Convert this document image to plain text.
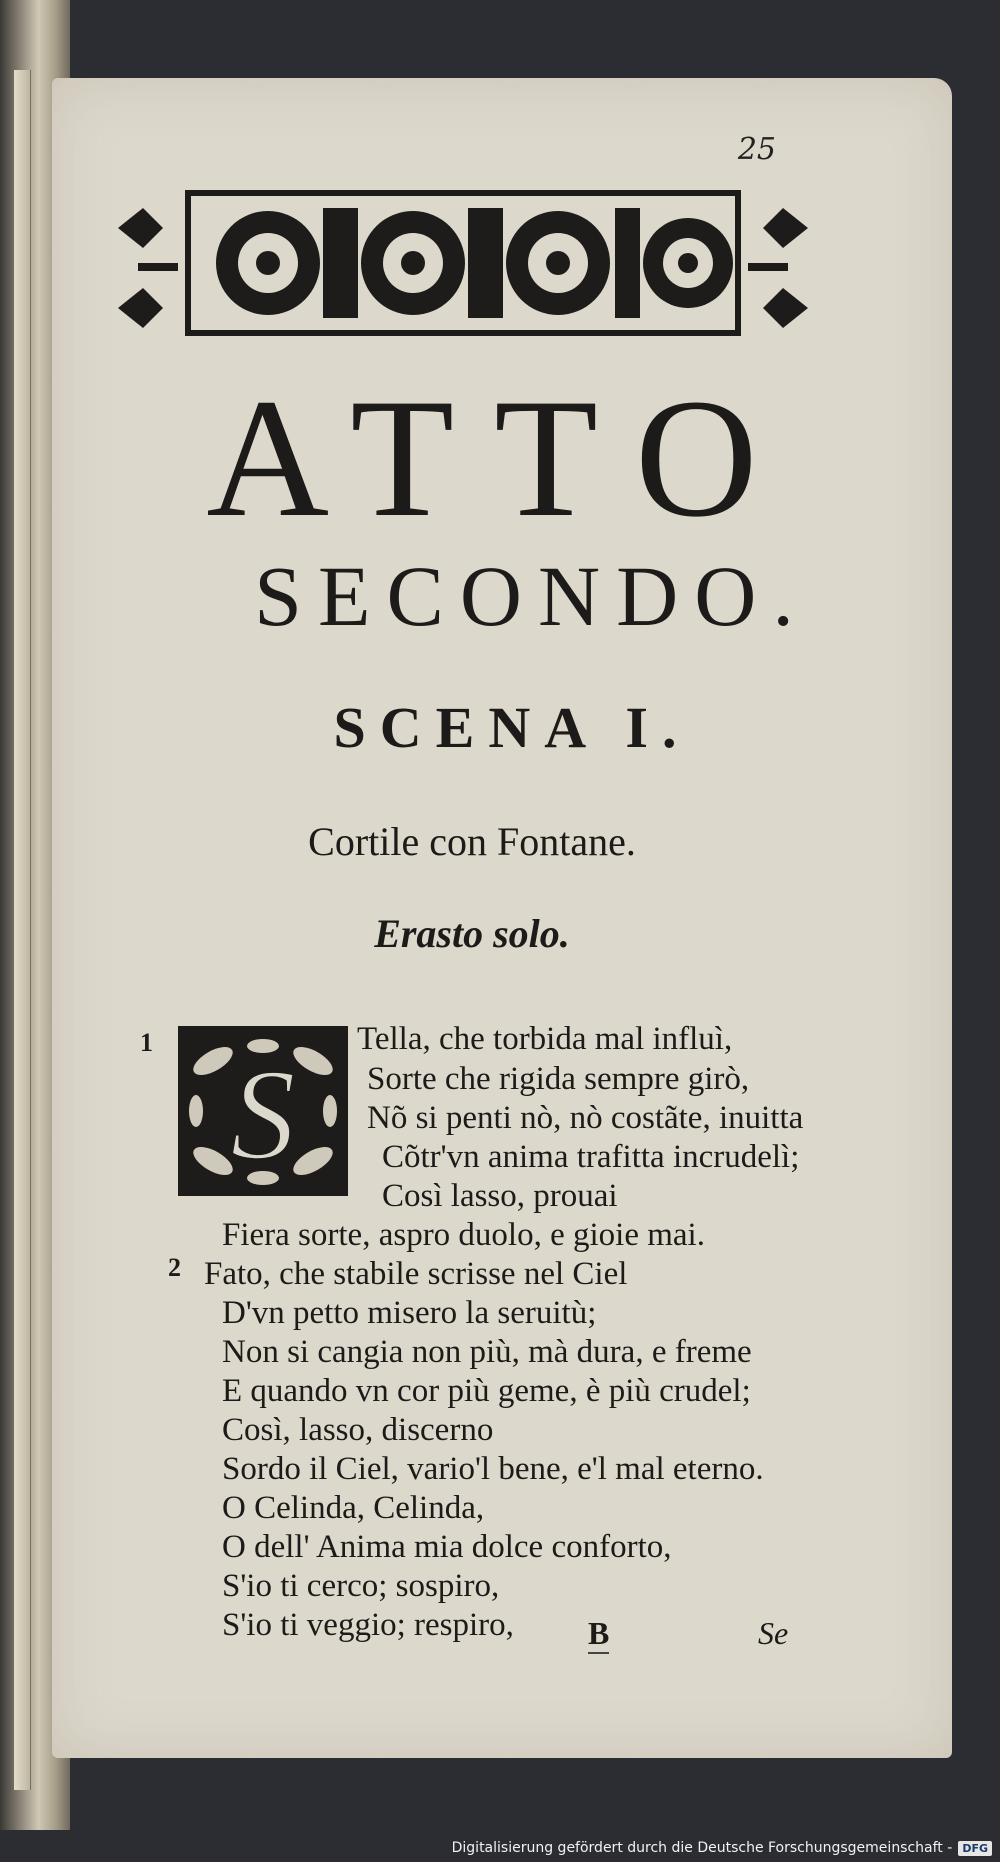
25
ATTO
SECONDO.
SCENA I.
Cortile con Fontane.
Erasto solo.
S
1
2
Tella, che torbida mal influì,
Sorte che rigida sempre girò,
Nõ si penti nò, nò costãte, inuitta
Cõtr'vn anima trafitta incrudelì;
Così lasso, prouai
Fiera sorte, aspro duolo, e gioie mai.
Fato, che stabile scrisse nel Ciel
D'vn petto misero la seruitù;
Non si cangia non più, mà dura, e freme
E quando vn cor più geme, è più crudel;
Così, lasso, discerno
Sordo il Ciel, vario'l bene, e'l mal eterno.
O Celinda, Celinda,
O dell' Anima mia dolce conforto,
S'io ti cerco; sospiro,
S'io ti veggio; respiro, B	Se
Digitalisierung gefördert durch die Deutsche Forschungsgemeinschaft - DFG
